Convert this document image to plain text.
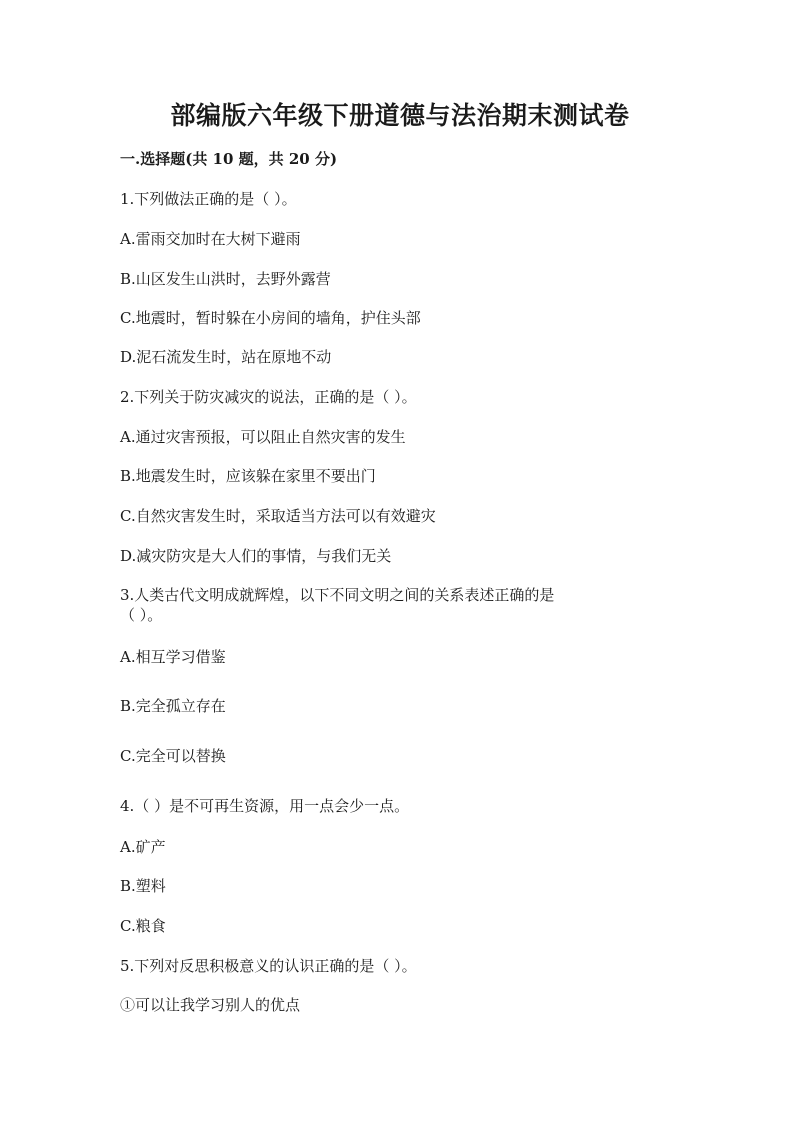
部编版六年级下册道德与法治期末测试卷
一.选择题(共 10 题，共 20 分)
1.下列做法正确的是（ ）。
A.雷雨交加时在大树下避雨
B.山区发生山洪时，去野外露营
C.地震时，暂时躲在小房间的墙角，护住头部
D.泥石流发生时，站在原地不动
2.下列关于防灾减灾的说法，正确的是（ ）。
A.通过灾害预报，可以阻止自然灾害的发生
B.地震发生时，应该躲在家里不要出门
C.自然灾害发生时，采取适当方法可以有效避灾
D.减灾防灾是大人们的事情，与我们无关
3.人类古代文明成就辉煌，以下不同文明之间的关系表述正确的是
（ ）。
A.相互学习借鉴
B.完全孤立存在
C.完全可以替换
4.（ ）是不可再生资源，用一点会少一点。
A.矿产
B.塑料
C.粮食
5.下列对反思积极意义的认识正确的是（ ）。
①可以让我学习别人的优点
